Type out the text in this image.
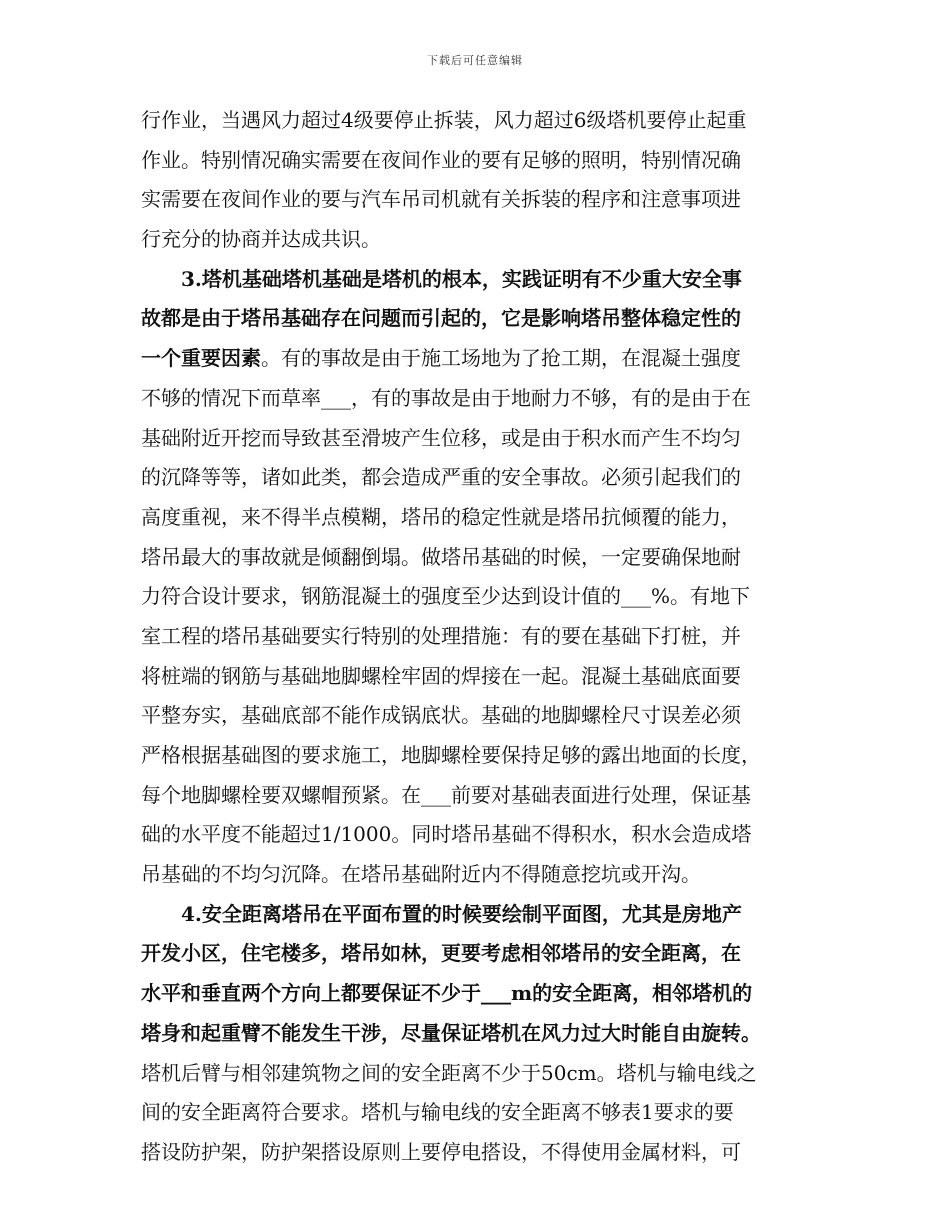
下载后可任意编辑
行作业，当遇风力超过4级要停止拆装，风力超过6级塔机要停止起重
作业。特别情况确实需要在夜间作业的要有足够的照明，特别情况确
实需要在夜间作业的要与汽车吊司机就有关拆装的程序和注意事项进
行充分的协商并达成共识。
3.塔机基础塔机基础是塔机的根本，实践证明有不少重大安全事
故都是由于塔吊基础存在问题而引起的，它是影响塔吊整体稳定性的
一个重要因素。有的事故是由于施工场地为了抢工期，在混凝土强度
不够的情况下而草率___，有的事故是由于地耐力不够，有的是由于在
基础附近开挖而导致甚至滑坡产生位移，或是由于积水而产生不均匀
的沉降等等，诸如此类，都会造成严重的安全事故。必须引起我们的
高度重视，来不得半点模糊，塔吊的稳定性就是塔吊抗倾覆的能力，
塔吊最大的事故就是倾翻倒塌。做塔吊基础的时候，一定要确保地耐
力符合设计要求，钢筋混凝土的强度至少达到设计值的___%。有地下
室工程的塔吊基础要实行特别的处理措施：有的要在基础下打桩，并
将桩端的钢筋与基础地脚螺栓牢固的焊接在一起。混凝土基础底面要
平整夯实，基础底部不能作成锅底状。基础的地脚螺栓尺寸误差必须
严格根据基础图的要求施工，地脚螺栓要保持足够的露出地面的长度，
每个地脚螺栓要双螺帽预紧。在___前要对基础表面进行处理，保证基
础的水平度不能超过1/1000。同时塔吊基础不得积水，积水会造成塔
吊基础的不均匀沉降。在塔吊基础附近内不得随意挖坑或开沟。
4.安全距离塔吊在平面布置的时候要绘制平面图，尤其是房地产
开发小区，住宅楼多，塔吊如林，更要考虑相邻塔吊的安全距离，在
水平和垂直两个方向上都要保证不少于___m的安全距离，相邻塔机的
塔身和起重臂不能发生干涉，尽量保证塔机在风力过大时能自由旋转。
塔机后臂与相邻建筑物之间的安全距离不少于50cm。塔机与输电线之
间的安全距离符合要求。塔机与输电线的安全距离不够表1要求的要
搭设防护架，防护架搭设原则上要停电搭设，不得使用金属材料，可
